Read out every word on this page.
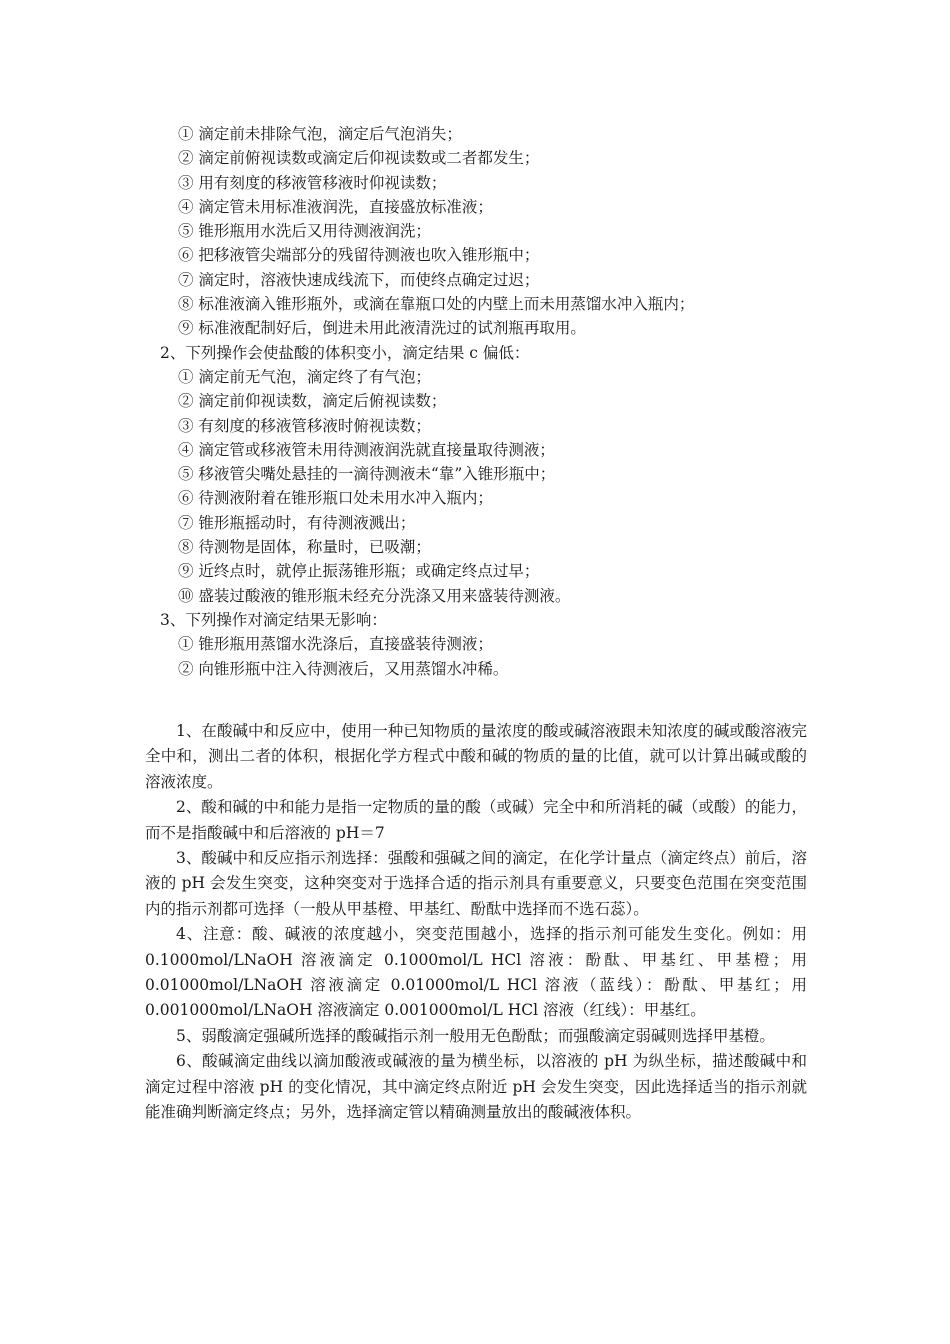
① 滴定前未排除气泡，滴定后气泡消失；
② 滴定前俯视读数或滴定后仰视读数或二者都发生；
③ 用有刻度的移液管移液时仰视读数；
④ 滴定管未用标准液润洗，直接盛放标准液；
⑤ 锥形瓶用水洗后又用待测液润洗；
⑥ 把移液管尖端部分的残留待测液也吹入锥形瓶中；
⑦ 滴定时，溶液快速成线流下，而使终点确定过迟；
⑧ 标准液滴入锥形瓶外，或滴在靠瓶口处的内壁上而未用蒸馏水冲入瓶内；
⑨ 标准液配制好后，倒进未用此液清洗过的试剂瓶再取用。
2、下列操作会使盐酸的体积变小，滴定结果 c 偏低：
① 滴定前无气泡，滴定终了有气泡；
② 滴定前仰视读数，滴定后俯视读数；
③ 有刻度的移液管移液时俯视读数；
④ 滴定管或移液管未用待测液润洗就直接量取待测液；
⑤ 移液管尖嘴处悬挂的一滴待测液未“靠”入锥形瓶中；
⑥ 待测液附着在锥形瓶口处未用水冲入瓶内；
⑦ 锥形瓶摇动时，有待测液溅出；
⑧ 待测物是固体，称量时，已吸潮；
⑨ 近终点时，就停止振荡锥形瓶；或确定终点过早；
⑩ 盛装过酸液的锥形瓶未经充分洗涤又用来盛装待测液。
3、下列操作对滴定结果无影响：
① 锥形瓶用蒸馏水洗涤后，直接盛装待测液；
② 向锥形瓶中注入待测液后，又用蒸馏水冲稀。

1、在酸碱中和反应中，使用一种已知物质的量浓度的酸或碱溶液跟未知浓度的碱或酸溶液完全中和，测出二者的体积，根据化学方程式中酸和碱的物质的量的比值，就可以计算出碱或酸的溶液浓度。

2、酸和碱的中和能力是指一定物质的量的酸（或碱）完全中和所消耗的碱（或酸）的能力，而不是指酸碱中和后溶液的 pH＝7

3、酸碱中和反应指示剂选择：强酸和强碱之间的滴定，在化学计量点（滴定终点）前后，溶液的 pH 会发生突变，这种突变对于选择合适的指示剂具有重要意义，只要变色范围在突变范围内的指示剂都可选择（一般从甲基橙、甲基红、酚酞中选择而不选石蕊）。

4、注意：酸、碱液的浓度越小，突变范围越小，选择的指示剂可能发生变化。例如：用 0.1000mol/LNaOH 溶液滴定 0.1000mol/L HCl 溶液：酚酞、甲基红、甲基橙；用 0.01000mol/LNaOH 溶液滴定 0.01000mol/L HCl 溶液（蓝线）：酚酞、甲基红；用 0.001000mol/LNaOH 溶液滴定 0.001000mol/L HCl 溶液（红线）：甲基红。

5、弱酸滴定强碱所选择的酸碱指示剂一般用无色酚酞；而强酸滴定弱碱则选择甲基橙。

6、酸碱滴定曲线以滴加酸液或碱液的量为横坐标，以溶液的 pH 为纵坐标，描述酸碱中和滴定过程中溶液 pH 的变化情况，其中滴定终点附近 pH 会发生突变，因此选择适当的指示剂就能准确判断滴定终点；另外，选择滴定管以精确测量放出的酸碱液体积。
